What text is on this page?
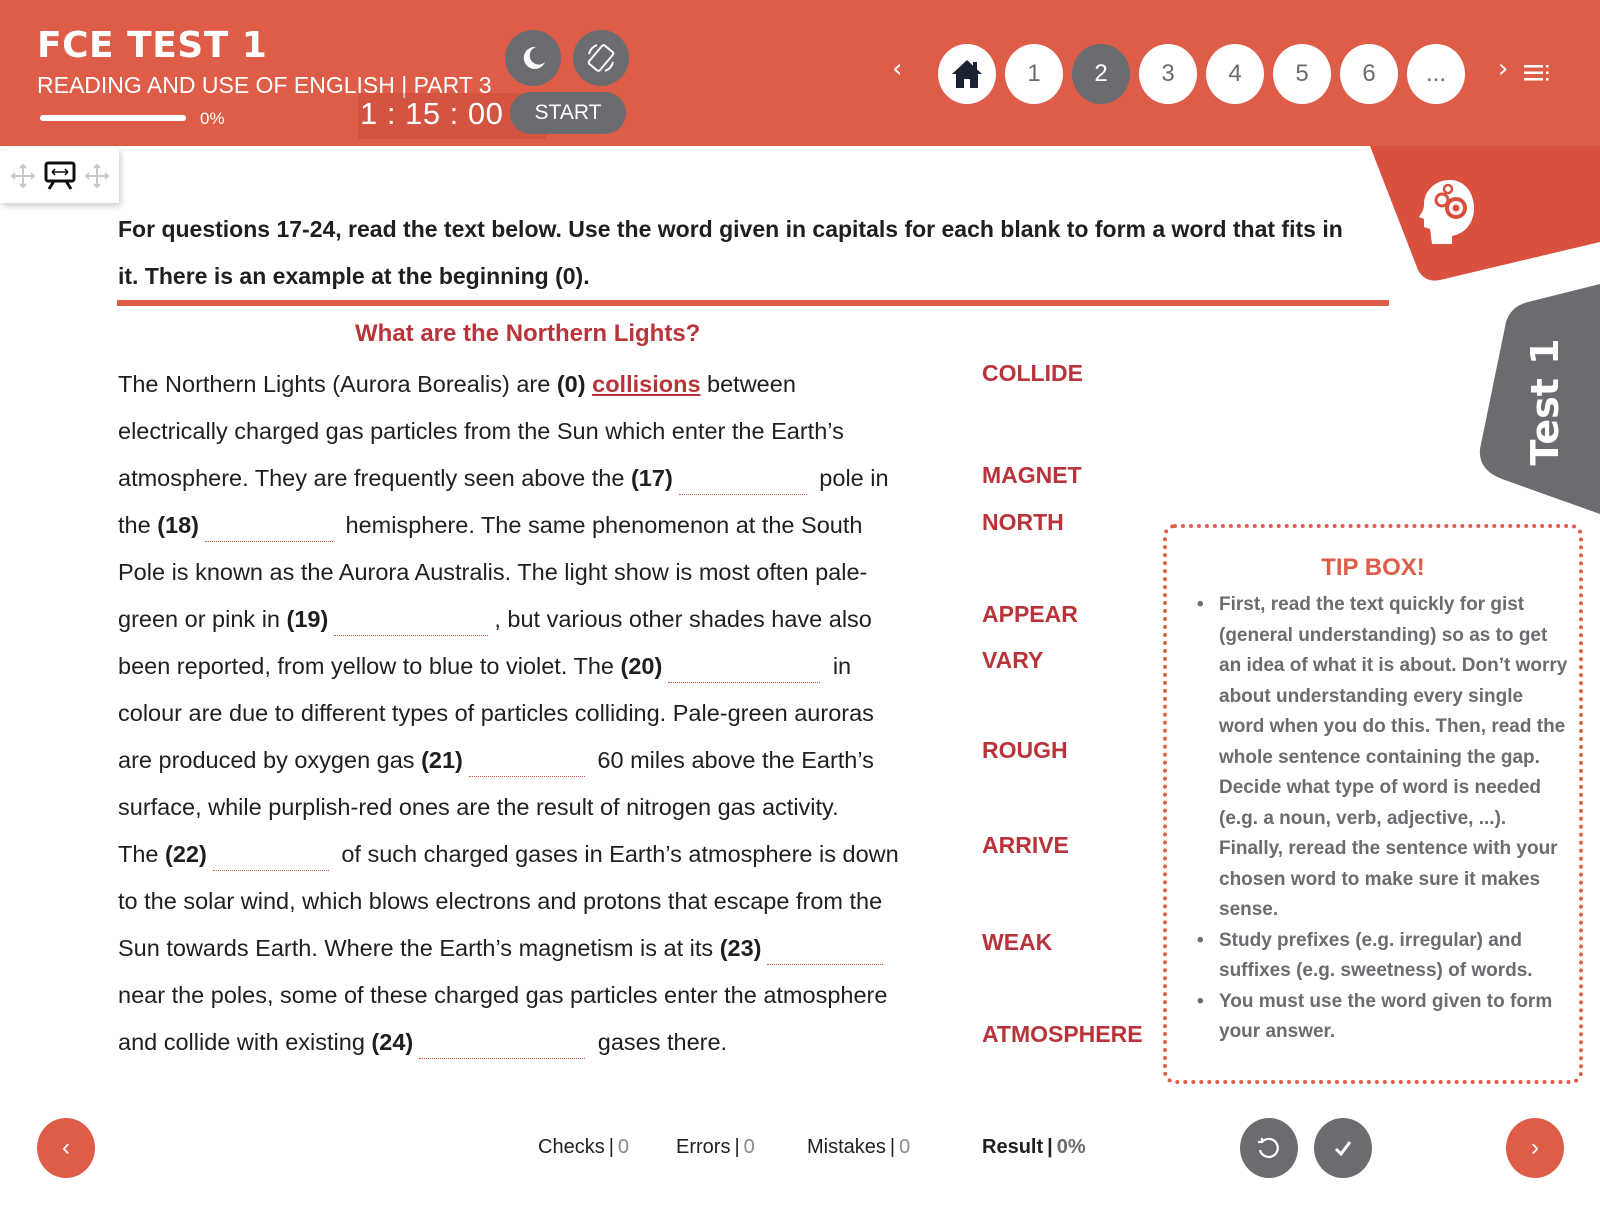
FCE TEST 1
READING AND USE OF ENGLISH | PART 3
0%	1 : 15 : 00	START
‹	1	2	3	4	5	6	...	›
Test 1
For questions 17-24, read the text below. Use the word given in capitals for each blank to form a word that fits in it. There is an example at the beginning (0).
What are the Northern Lights?
The Northern Lights (Aurora Borealis) are (0) collisions between
electrically charged gas particles from the Sun which enter the Earth’s
atmosphere. They are frequently seen above the (17)	pole in
the (18)	hemisphere. The same phenomenon at the South
Pole is known as the Aurora Australis. The light show is most often pale-
green or pink in (19)	, but various other shades have also
been reported, from yellow to blue to violet. The (20)	in
colour are due to different types of particles colliding. Pale-green auroras
are produced by oxygen gas (21)	60 miles above the Earth’s
surface, while purplish-red ones are the result of nitrogen gas activity.
The (22)	of such charged gases in Earth’s atmosphere is down
to the solar wind, which blows electrons and protons that escape from the
Sun towards Earth. Where the Earth’s magnetism is at its (23)
near the poles, some of these charged gas particles enter the atmosphere
and collide with existing (24)	gases there.
COLLIDE
MAGNET
NORTH
APPEAR
VARY
ROUGH
ARRIVE
WEAK
ATMOSPHERE
TIP BOX!
• First, read the text quickly for gist (general understanding) so as to get an idea of what it is about. Don’t worry about understanding every single word when you do this. Then, read the whole sentence containing the gap. Decide what type of word is needed (e.g. a noun, verb, adjective, ...). Finally, reread the sentence with your chosen word to make sure it makes sense.
• Study prefixes (e.g. irregular) and suffixes (e.g. sweetness) of words.
• You must use the word given to form your answer.
‹	Checks | 0 Errors | 0	Mistakes | 0	Result | 0%	›
